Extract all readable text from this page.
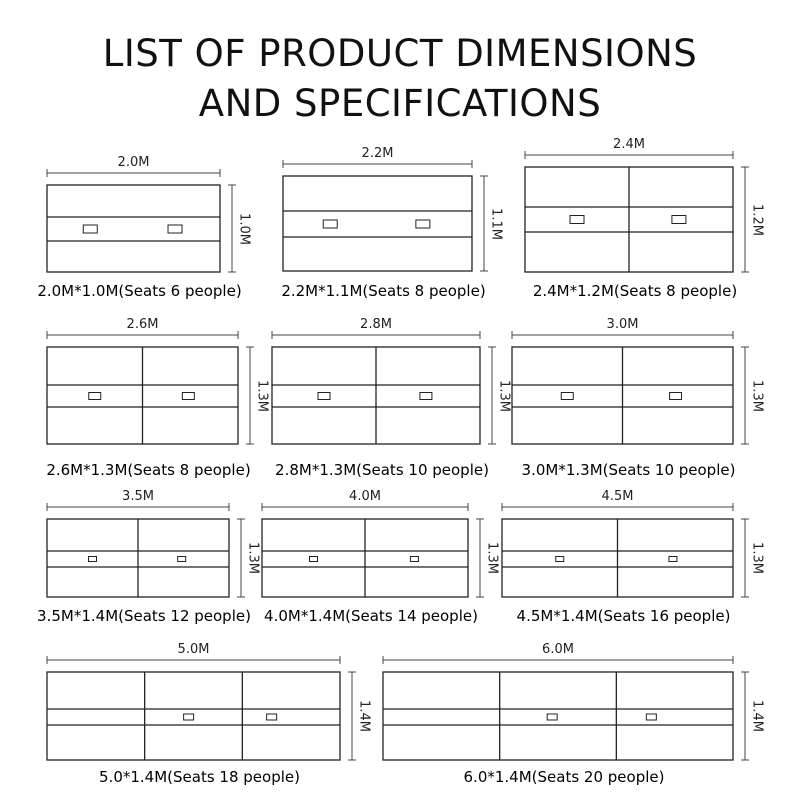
LIST OF PRODUCT DIMENSIONS
AND SPECIFICATIONS
2.0M
1.0M
2.0M*1.0M(Seats 6 people)
2.2M
1.1M
2.2M*1.1M(Seats 8 people)
2.4M
1.2M
2.4M*1.2M(Seats 8 people)
2.6M
1.3M
2.6M*1.3M(Seats 8 people)
2.8M
1.3M
2.8M*1.3M(Seats 10 people)
3.0M
1.3M
3.0M*1.3M(Seats 10 people)
3.5M
1.3M
3.5M*1.4M(Seats 12 people)
4.0M
1.3M
4.0M*1.4M(Seats 14 people)
4.5M
1.3M
4.5M*1.4M(Seats 16 people)
5.0M
1.4M
5.0*1.4M(Seats 18 people)
6.0M
1.4M
6.0*1.4M(Seats 20 people)
